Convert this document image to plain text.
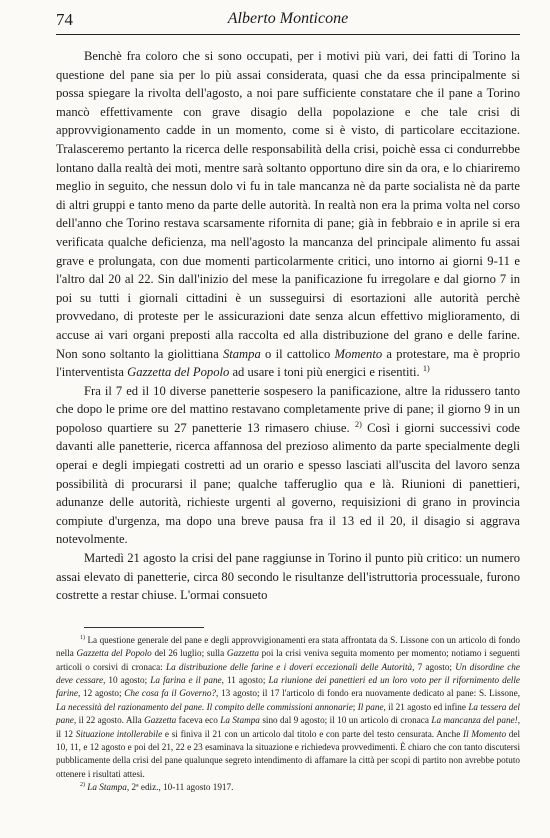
74	Alberto Monticone

Benchè fra coloro che si sono occupati, per i motivi più vari, dei fatti di Torino la questione del pane sia per lo più assai considerata, quasi che da essa principalmente si possa spiegare la rivolta dell'agosto, a noi pare sufficiente constatare che il pane a Torino mancò effettivamente con grave disagio della popolazione e che tale crisi di approvvigionamento cadde in un momento, come si è visto, di particolare eccitazione. Tralasceremo pertanto la ricerca delle responsabilità della crisi, poichè essa ci condurrebbe lontano dalla realtà dei moti, mentre sarà soltanto opportuno dire sin da ora, e lo chiariremo meglio in seguito, che nessun dolo vi fu in tale mancanza nè da parte socialista nè da parte di altri gruppi e tanto meno da parte delle autorità. In realtà non era la prima volta nel corso dell'anno che Torino restava scarsamente rifornita di pane; già in febbraio e in aprile si era verificata qualche deficienza, ma nell'agosto la mancanza del principale alimento fu assai grave e prolungata, con due momenti particolarmente critici, uno intorno ai giorni 9-11 e l'altro dal 20 al 22. Sin dall'inizio del mese la panificazione fu irregolare e dal giorno 7 in poi su tutti i giornali cittadini è un susseguirsi di esortazioni alle autorità perchè provvedano, di proteste per le assicurazioni date senza alcun effettivo miglioramento, di accuse ai vari organi preposti alla raccolta ed alla distribuzione del grano e delle farine. Non sono soltanto la giolittiana Stampa o il cattolico Momento a protestare, ma è proprio l'interventista Gazzetta del Popolo ad usare i toni più energici e risentiti. $^{1)}$

Fra il 7 ed il 10 diverse panetterie sospesero la panificazione, altre la ridussero tanto che dopo le prime ore del mattino restavano completamente prive di pane; il giorno 9 in un popoloso quartiere su 27 panetterie 13 rimasero chiuse. $^{2)}$ Così i giorni successivi code davanti alle panetterie, ricerca affannosa del prezioso alimento da parte specialmente degli operai e degli impiegati costretti ad un orario e spesso lasciati all'uscita del lavoro senza possibilità di procurarsi il pane; qualche tafferuglio qua e là. Riunioni di panettieri, adunanze delle autorità, richieste urgenti al governo, requisizioni di grano in provincia compiute d'urgenza, ma dopo una breve pausa fra il 13 ed il 20, il disagio si aggrava notevolmente.

Martedì 21 agosto la crisi del pane raggiunse in Torino il punto più critico: un numero assai elevato di panetterie, circa 80 secondo le risultanze dell'istruttoria processuale, furono costrette a restar chiuse. L'ormai consueto

$^{1)}$ La questione generale del pane e degli approvvigionamenti era stata affrontata da S. Lissone con un articolo di fondo nella Gazzetta del Popolo del 26 luglio; sulla Gazzetta poi la crisi veniva seguita momento per momento; notiamo i seguenti articoli o corsivi di cronaca: La distribuzione delle farine e i doveri eccezionali delle Autorità, 7 agosto; Un disordine che deve cessare, 10 agosto; La farina e il pane, 11 agosto; La riunione dei panettieri ed un loro voto per il rifornimento delle farine, 12 agosto; Che cosa fa il Governo?, 13 agosto; il 17 l'articolo di fondo era nuovamente dedicato al pane: S. Lissone, La necessità del razionamento del pane. Il compito delle commissioni annonarie; Il pane, il 21 agosto ed infine La tessera del pane, il 22 agosto. Alla Gazzetta faceva eco La Stampa sino dal 9 agosto; il 10 un articolo di cronaca La mancanza del pane!, il 12 Situazione intollerabile e si finiva il 21 con un articolo dal titolo e con parte del testo censurata. Anche Il Momento del 10, 11, e 12 agosto e poi del 21, 22 e 23 esaminava la situazione e richiedeva provvedimenti. È chiaro che con tanto discutersi pubblicamente della crisi del pane qualunque segreto intendimento di affamare la città per scopi di partito non avrebbe potuto ottenere i risultati attesi.

$^{2)}$ La Stampa, 2ª ediz., 10-11 agosto 1917.
